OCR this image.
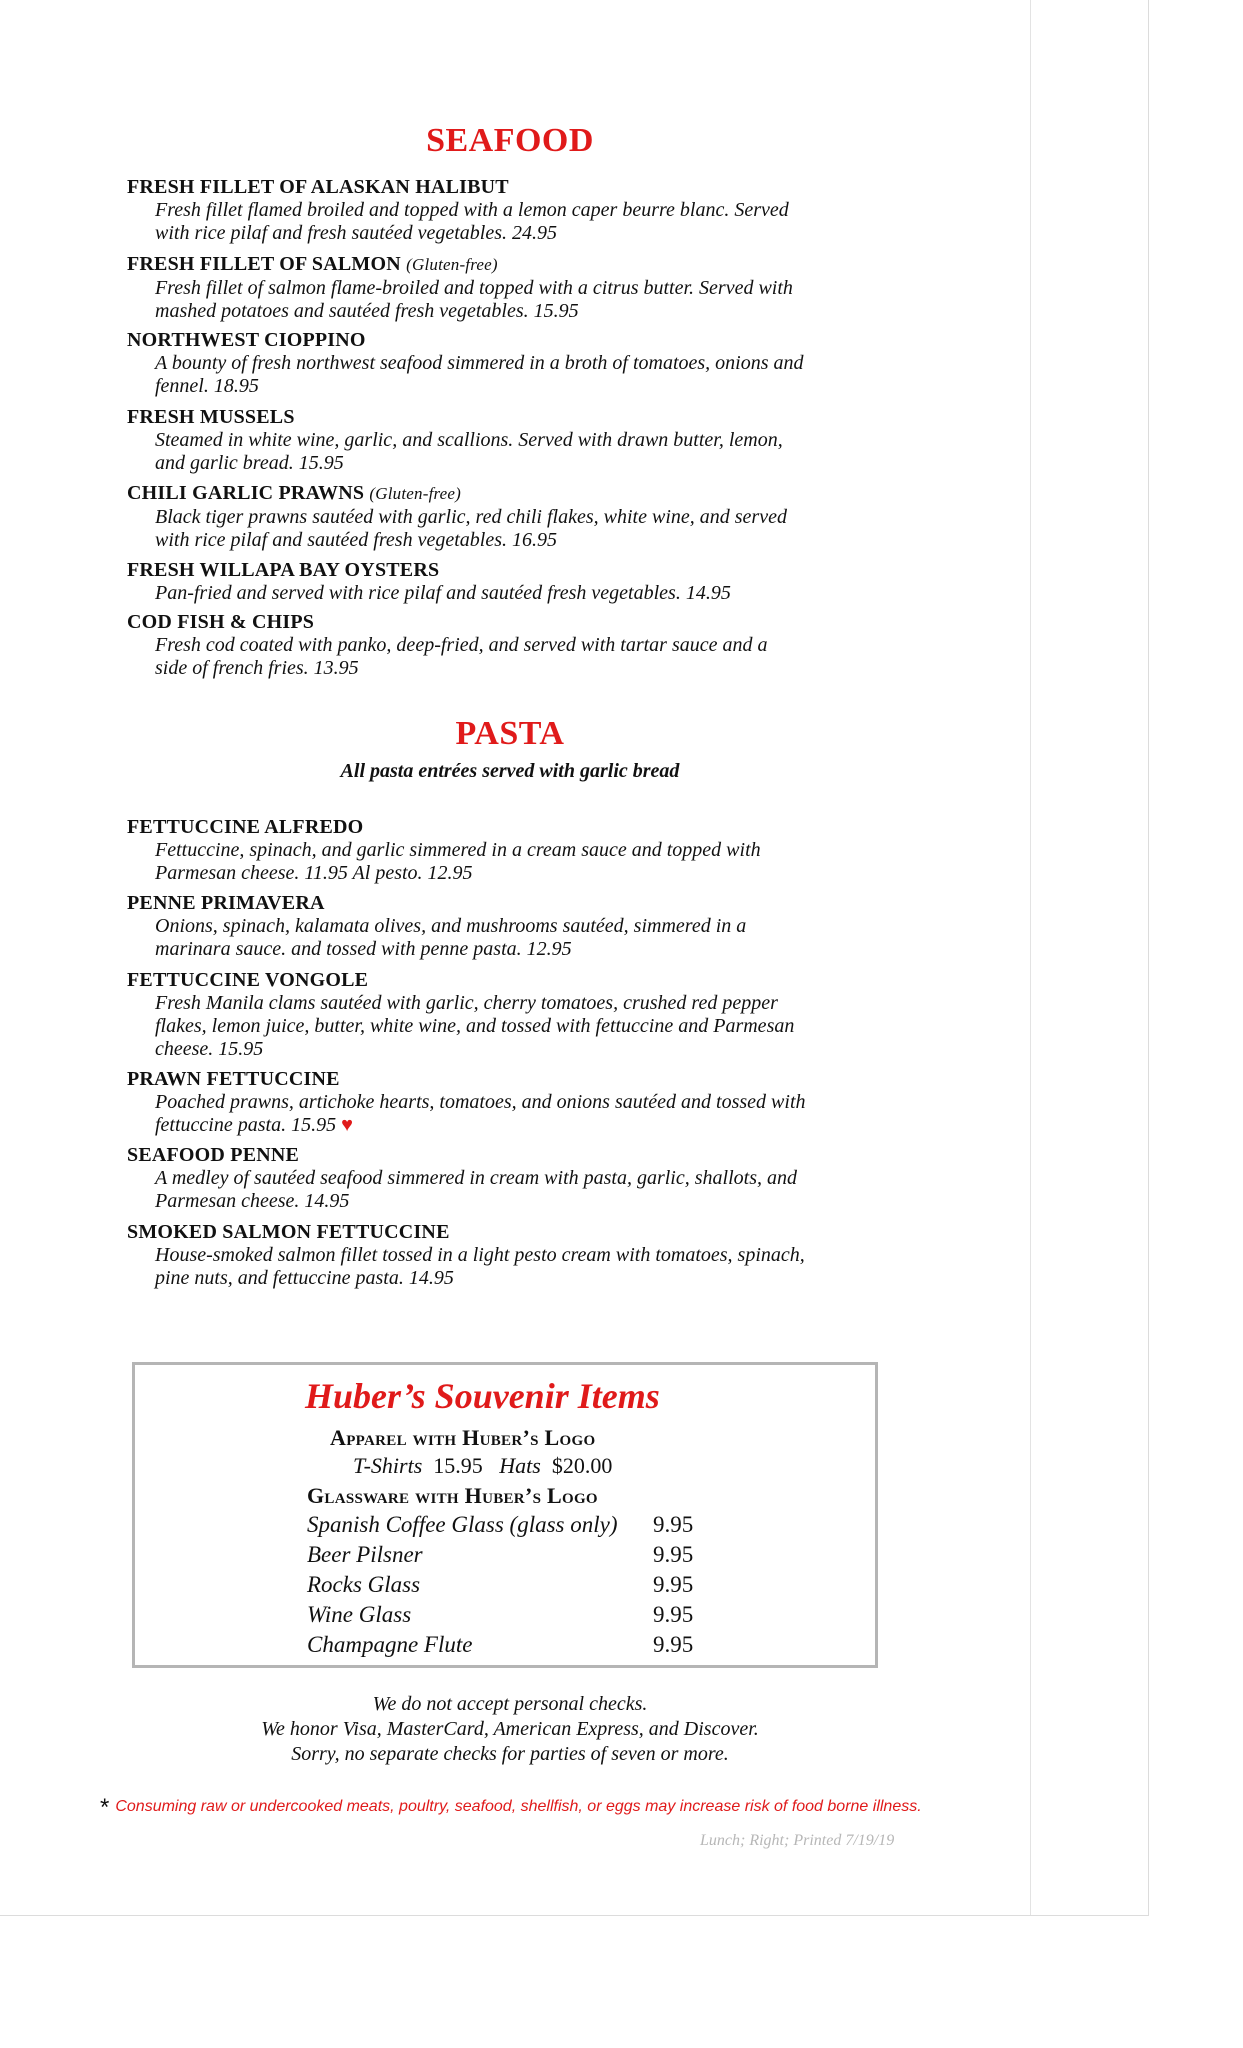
SEAFOOD
FRESH FILLET OF ALASKAN HALIBUT
Fresh fillet flamed broiled and topped with a lemon caper beurre blanc. Served
with rice pilaf and fresh sautéed vegetables. 24.95
FRESH FILLET OF SALMON (Gluten-free)
Fresh fillet of salmon flame-broiled and topped with a citrus butter. Served with
mashed potatoes and sautéed fresh vegetables. 15.95
NORTHWEST CIOPPINO
A bounty of fresh northwest seafood simmered in a broth of tomatoes, onions and
fennel. 18.95
FRESH MUSSELS
Steamed in white wine, garlic, and scallions. Served with drawn butter, lemon,
and garlic bread. 15.95
CHILI GARLIC PRAWNS (Gluten-free)
Black tiger prawns sautéed with garlic, red chili flakes, white wine, and served
with rice pilaf and sautéed fresh vegetables. 16.95
FRESH WILLAPA BAY OYSTERS
Pan-fried and served with rice pilaf and sautéed fresh vegetables. 14.95
COD FISH & CHIPS
Fresh cod coated with panko, deep-fried, and served with tartar sauce and a
side of french fries. 13.95
PASTA
All pasta entrées served with garlic bread
FETTUCCINE ALFREDO
Fettuccine, spinach, and garlic simmered in a cream sauce and topped with
Parmesan cheese. 11.95 Al pesto. 12.95
PENNE PRIMAVERA
Onions, spinach, kalamata olives, and mushrooms sautéed, simmered in a
marinara sauce. and tossed with penne pasta. 12.95
FETTUCCINE VONGOLE
Fresh Manila clams sautéed with garlic, cherry tomatoes, crushed red pepper
flakes, lemon juice, butter, white wine, and tossed with fettuccine and Parmesan
cheese. 15.95
PRAWN FETTUCCINE
Poached prawns, artichoke hearts, tomatoes, and onions sautéed and tossed with
fettuccine pasta. 15.95 ♥
SEAFOOD PENNE
A medley of sautéed seafood simmered in cream with pasta, garlic, shallots, and
Parmesan cheese. 14.95
SMOKED SALMON FETTUCCINE
House-smoked salmon fillet tossed in a light pesto cream with tomatoes, spinach,
pine nuts, and fettuccine pasta. 14.95
Huber’s Souvenir Items
Apparel with Huber’s Logo
T-Shirts 15.95 Hats $20.00
Glassware with Huber’s Logo
Spanish Coffee Glass (glass only) 9.95
Beer Pilsner	9.95
Rocks Glass	9.95
Wine Glass	9.95
Champagne Flute	9.95
We do not accept personal checks.
We honor Visa, MasterCard, American Express, and Discover.
Sorry, no separate checks for parties of seven or more.
* Consuming raw or undercooked meats, poultry, seafood, shellfish, or eggs may increase risk of food borne illness.
Lunch; Right; Printed 7/19/19
